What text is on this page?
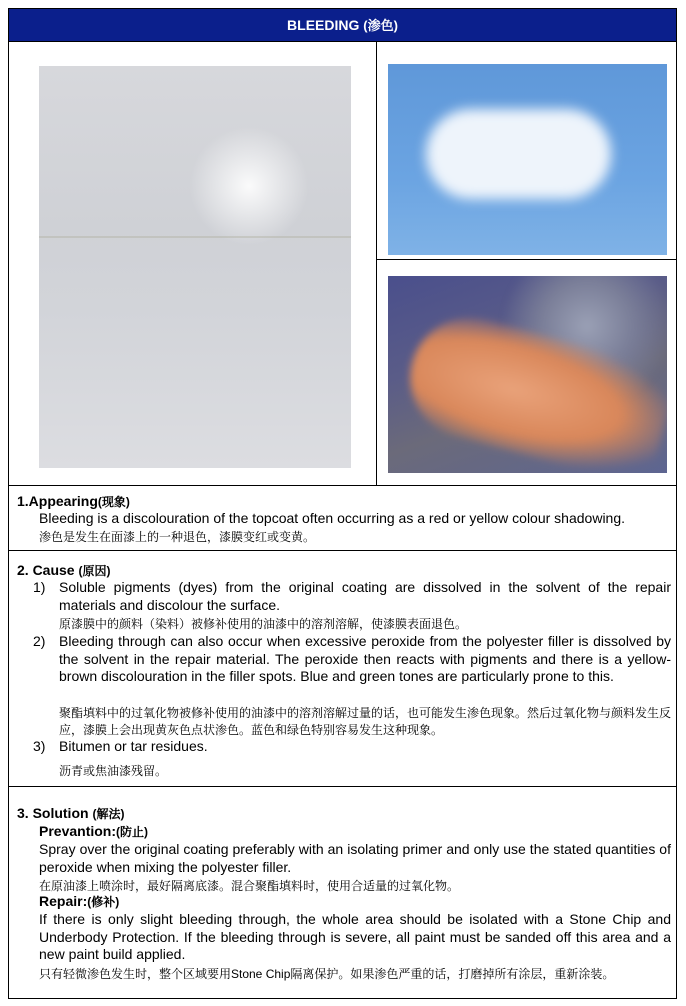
BLEEDING (渗色)
1.Appearing(现象)
Bleeding is a discolouration of the topcoat often occurring as a red or yellow colour shadowing.
渗色是发生在面漆上的一种退色，漆膜变红或变黄。
2. Cause (原因)
1) Soluble pigments (dyes) from the original coating are dissolved in the solvent of the repair materials and discolour the surface.
原漆膜中的颜料（染料）被修补使用的油漆中的溶剂溶解，使漆膜表面退色。
2) Bleeding through can also occur when excessive peroxide from the polyester filler is dissolved by the solvent in the repair material. The peroxide then reacts with pigments and there is a yellow-brown discolouration in the filler spots. Blue and green tones are particularly prone to this.
聚酯填料中的过氧化物被修补使用的油漆中的溶剂溶解过量的话，也可能发生渗色现象。然后过氧化物与颜料发生反应，漆膜上会出现黄灰色点状渗色。蓝色和绿色特别容易发生这种现象。
3) Bitumen or tar residues.
沥青或焦油漆残留。
3. Solution (解法)
Prevantion:(防止)
Spray over the original coating preferably with an isolating primer and only use the stated quantities of peroxide when mixing the polyester filler.
在原油漆上喷涂时，最好隔离底漆。混合聚酯填料时，使用合适量的过氧化物。
Repair:(修补)
If there is only slight bleeding through, the whole area should be isolated with a Stone Chip and Underbody Protection. If the bleeding through is severe, all paint must be sanded off this area and a new paint build applied.
只有轻微渗色发生时，整个区域要用Stone Chip隔离保护。如果渗色严重的话，打磨掉所有涂层，重新涂装。
